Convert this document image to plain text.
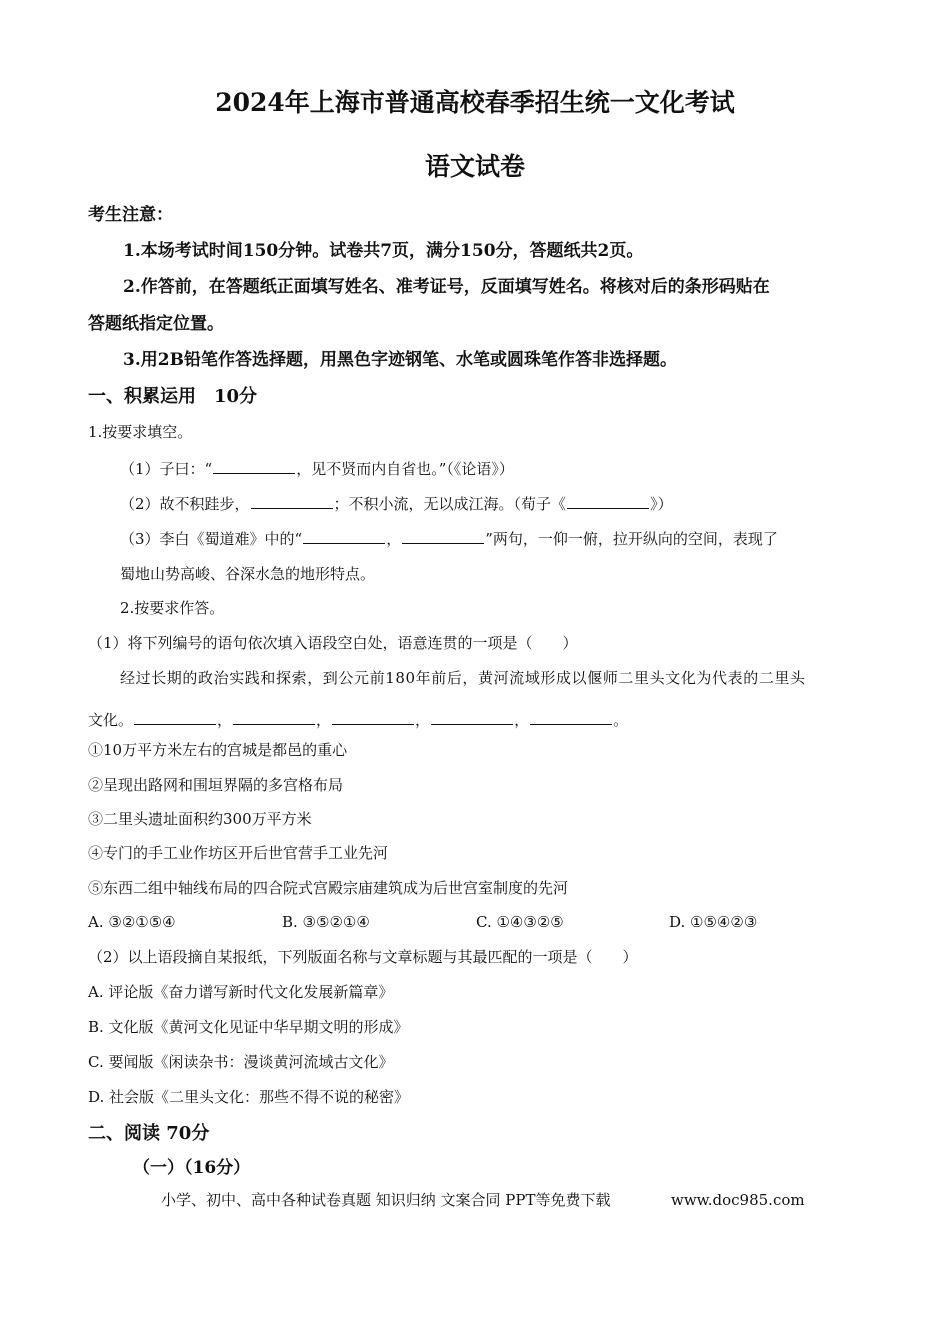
2024年上海市普通高校春季招生统一文化考试
语文试卷
考生注意：
1.本场考试时间150分钟。试卷共7页，满分150分，答题纸共2页。
2.作答前，在答题纸正面填写姓名、准考证号，反面填写姓名。将核对后的条形码贴在
答题纸指定位置。
3.用2B铅笔作答选择题，用黑色字迹钢笔、水笔或圆珠笔作答非选择题。
一、积累运用　10分
1.按要求填空。
（1）子曰：“	，见不贤而内自省也。”（《论语》）
（2）故不积跬步，	；不积小流，无以成江海。（荀子《	》）
（3）李白《蜀道难》中的“	，	”两句，一仰一俯，拉开纵向的空间，表现了
蜀地山势高峻、谷深水急的地形特点。
2.按要求作答。
（1）将下列编号的语句依次填入语段空白处，语意连贯的一项是（　　）
经过长期的政治实践和探索，到公元前180年前后，黄河流域形成以偃师二里头文化为代表的二里头
文化。	，	，	，	，	。
①10万平方米左右的宫城是都邑的重心
②呈现出路网和围垣界隔的多宫格布局
③二里头遗址面积约300万平方米
④专门的手工业作坊区开后世官营手工业先河
⑤东西二组中轴线布局的四合院式宫殿宗庙建筑成为后世宫室制度的先河
A. ③②①⑤④	B. ③⑤②①④	C. ①④③②⑤	D. ①⑤④②③
（2）以上语段摘自某报纸，下列版面名称与文章标题与其最匹配的一项是（　　）
A. 评论版《奋力谱写新时代文化发展新篇章》
B. 文化版《黄河文化见证中华早期文明的形成》
C. 要闻版《闲读杂书：漫谈黄河流域古文化》
D. 社会版《二里头文化：那些不得不说的秘密》
二、阅读 70分
（一）（16分）
小学、初中、高中各种试卷真题 知识归纳 文案合同 PPT等免费下载	www.doc985.com
